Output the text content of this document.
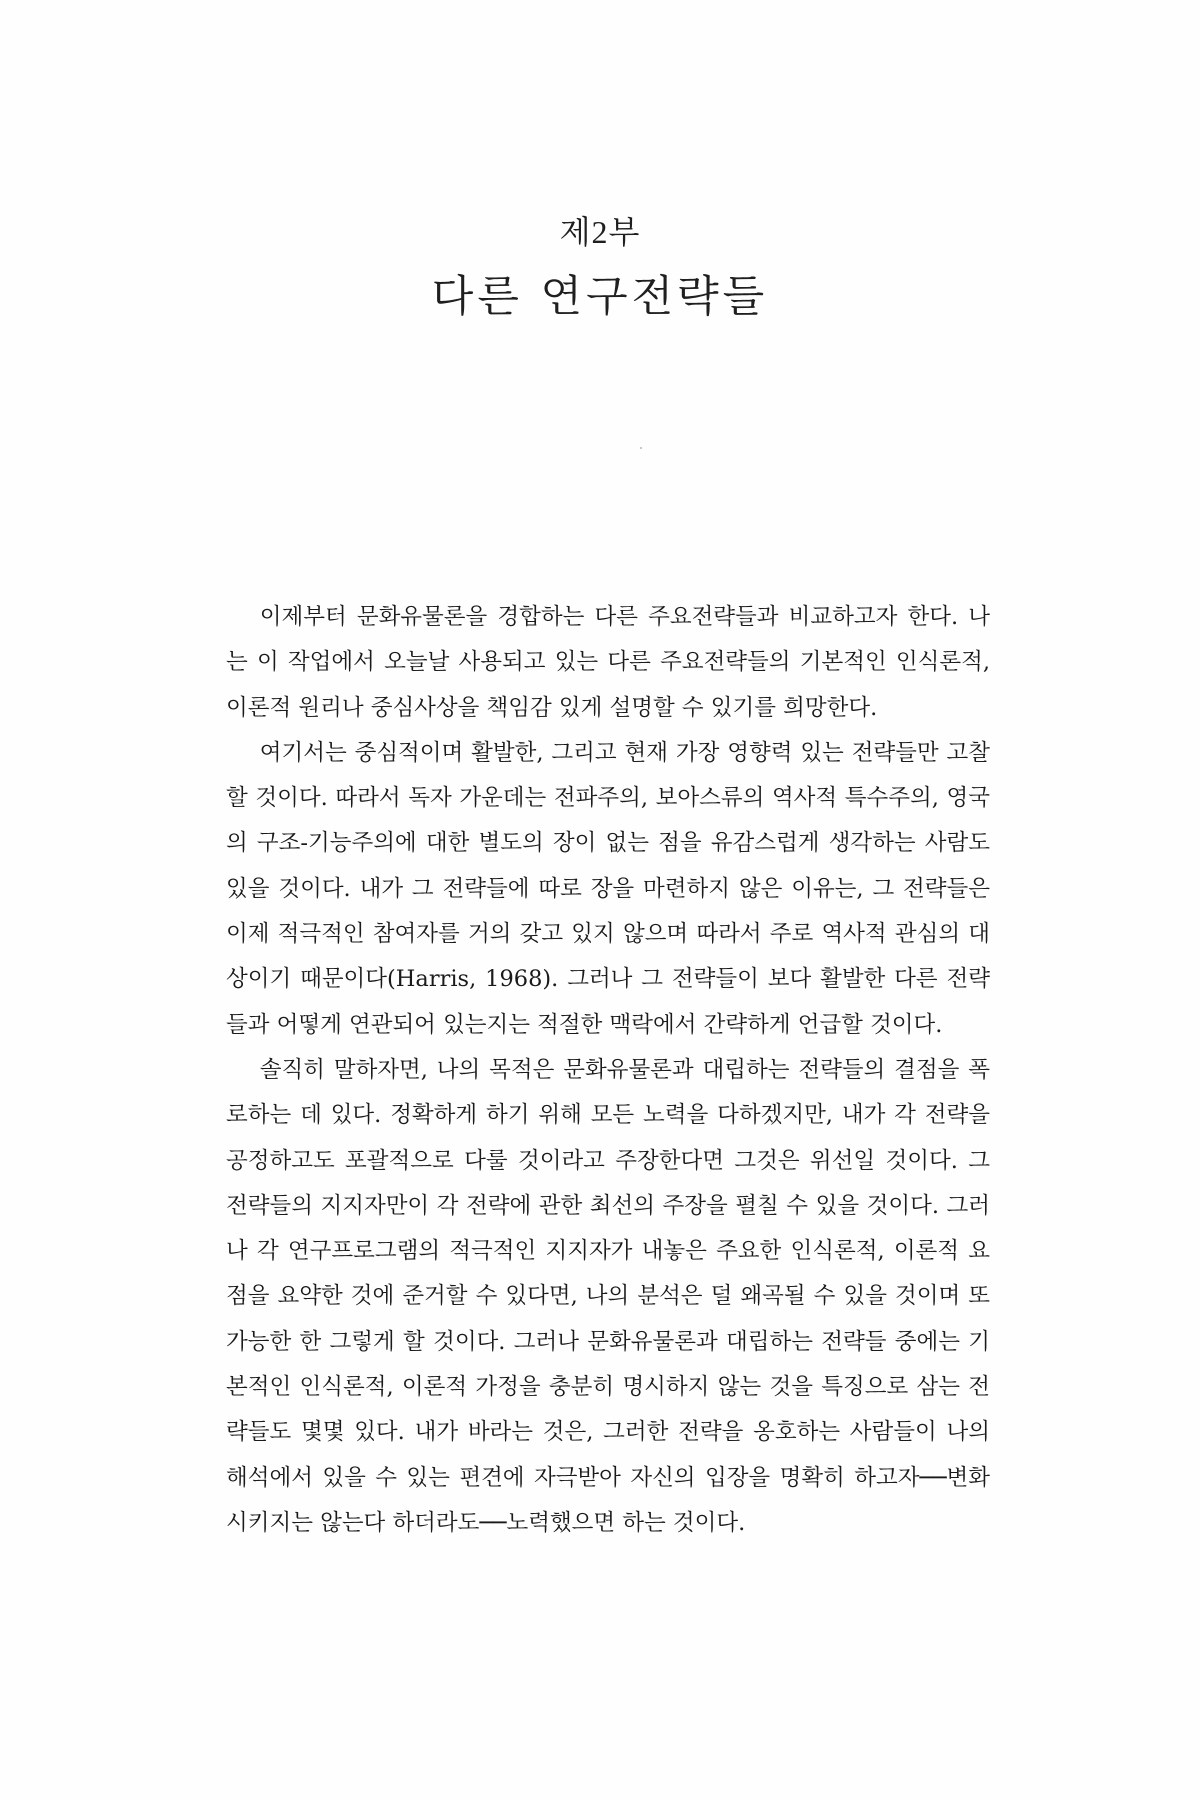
제2부
다른 연구전략들

이제부터 문화유물론을 경합하는 다른 주요전략들과 비교하고자 한다. 나는 이 작업에서 오늘날 사용되고 있는 다른 주요전략들의 기본적인 인식론적, 이론적 원리나 중심사상을 책임감 있게 설명할 수 있기를 희망한다.

여기서는 중심적이며 활발한, 그리고 현재 가장 영향력 있는 전략들만 고찰할 것이다. 따라서 독자 가운데는 전파주의, 보아스류의 역사적 특수주의, 영국의 구조-기능주의에 대한 별도의 장이 없는 점을 유감스럽게 생각하는 사람도 있을 것이다. 내가 그 전략들에 따로 장을 마련하지 않은 이유는, 그 전략들은 이제 적극적인 참여자를 거의 갖고 있지 않으며 따라서 주로 역사적 관심의 대상이기 때문이다(Harris, 1968). 그러나 그 전략들이 보다 활발한 다른 전략들과 어떻게 연관되어 있는지는 적절한 맥락에서 간략하게 언급할 것이다.

솔직히 말하자면, 나의 목적은 문화유물론과 대립하는 전략들의 결점을 폭로하는 데 있다. 정확하게 하기 위해 모든 노력을 다하겠지만, 내가 각 전략을 공정하고도 포괄적으로 다룰 것이라고 주장한다면 그것은 위선일 것이다. 그 전략들의 지지자만이 각 전략에 관한 최선의 주장을 펼칠 수 있을 것이다. 그러나 각 연구프로그램의 적극적인 지지자가 내놓은 주요한 인식론적, 이론적 요점을 요약한 것에 준거할 수 있다면, 나의 분석은 덜 왜곡될 수 있을 것이며 또 가능한 한 그렇게 할 것이다. 그러나 문화유물론과 대립하는 전략들 중에는 기본적인 인식론적, 이론적 가정을 충분히 명시하지 않는 것을 특징으로 삼는 전략들도 몇몇 있다. 내가 바라는 것은, 그러한 전략을 옹호하는 사람들이 나의 해석에서 있을 수 있는 편견에 자극받아 자신의 입장을 명확히 하고자──변화시키지는 않는다 하더라도──노력했으면 하는 것이다.
